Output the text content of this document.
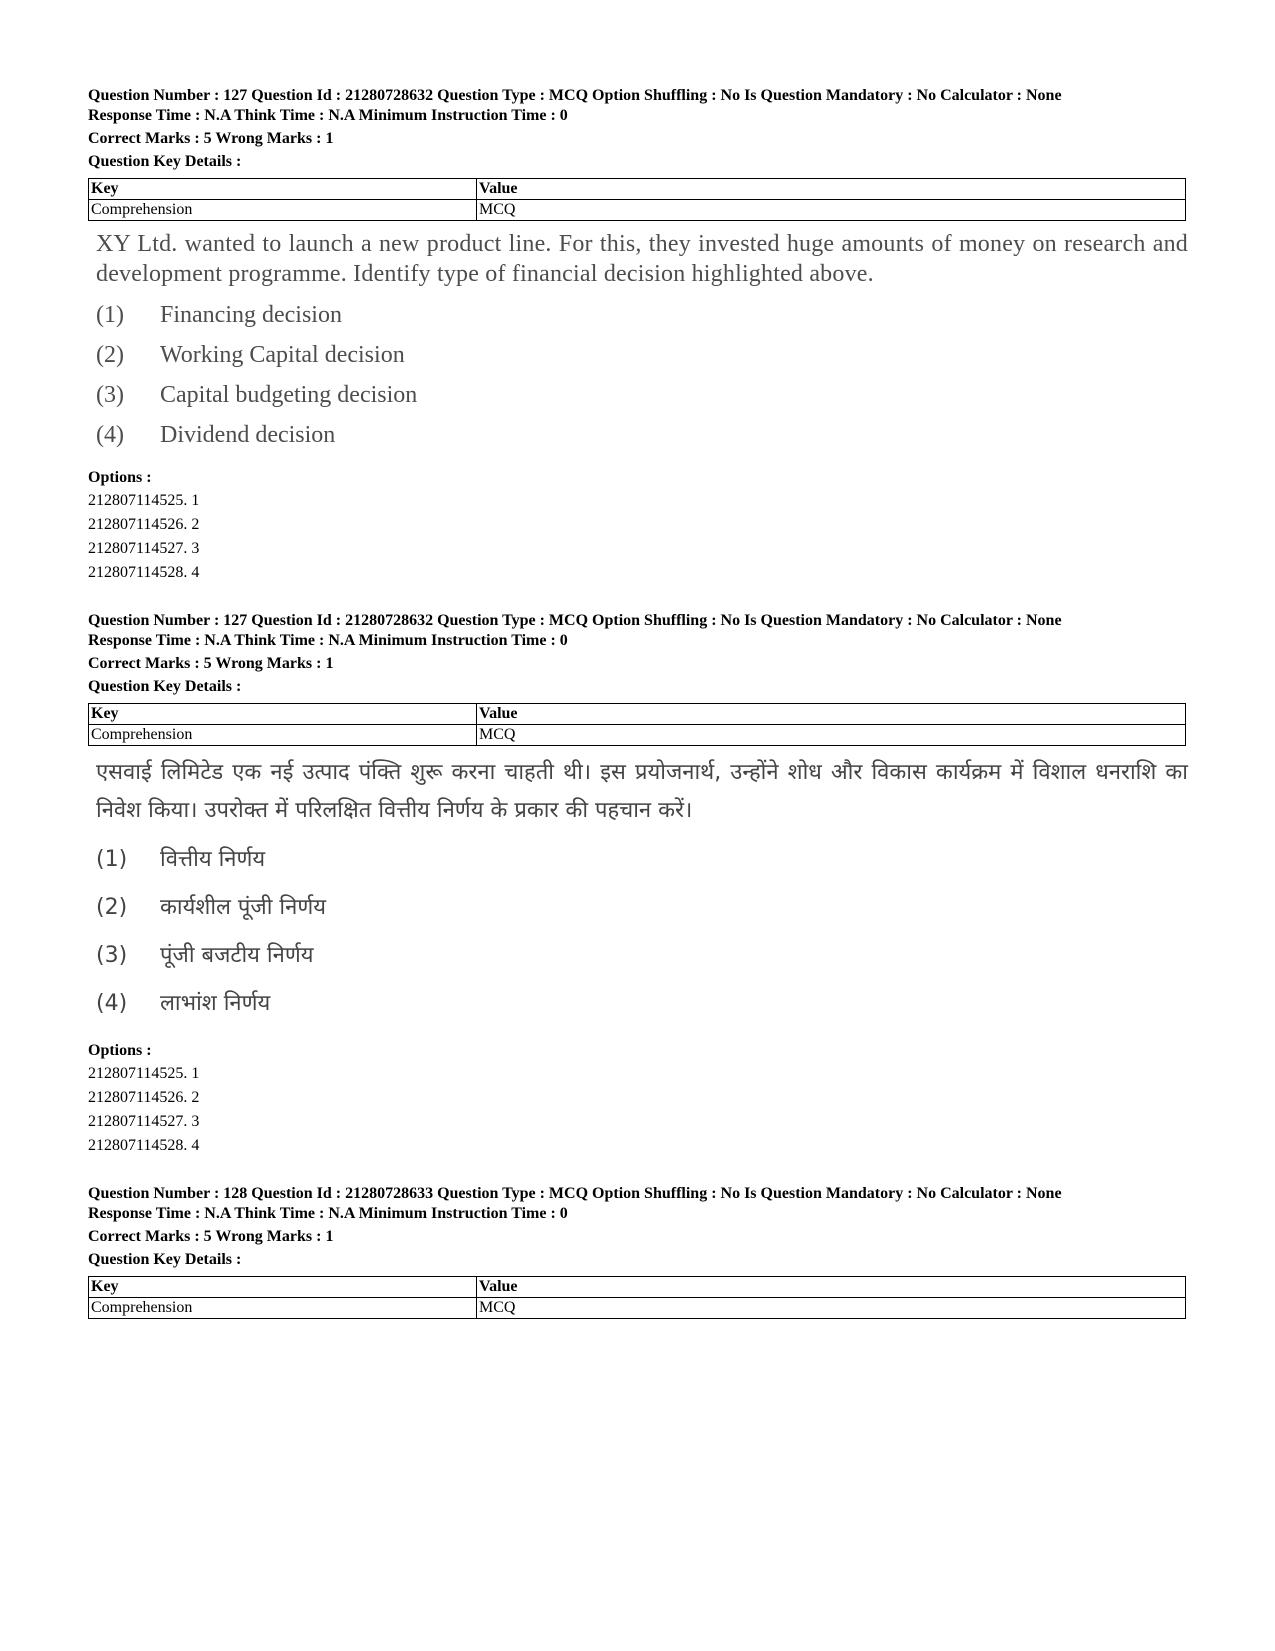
Question Number : 127 Question Id : 21280728632 Question Type : MCQ Option Shuffling : No Is Question Mandatory : No Calculator : None

Response Time : N.A Think Time : N.A Minimum Instruction Time : 0

Correct Marks : 5 Wrong Marks : 1

Question Key Details :

Key	Value
Comprehension	MCQ

XY Ltd. wanted to launch a new product line. For this, they invested huge amounts of money on research and development programme. Identify type of financial decision highlighted above.

(1)	Financing decision
(2)	Working Capital decision
(3)	Capital budgeting decision
(4)	Dividend decision
Options :
212807114525. 1
212807114526. 2
212807114527. 3
212807114528. 4

Question Number : 127 Question Id : 21280728632 Question Type : MCQ Option Shuffling : No Is Question Mandatory : No Calculator : None

Response Time : N.A Think Time : N.A Minimum Instruction Time : 0

Correct Marks : 5 Wrong Marks : 1

Question Key Details :

Key	Value
Comprehension	MCQ

एसवाई लिमिटेड एक नई उत्पाद पंक्ति शुरू करना चाहती थी। इस प्रयोजनार्थ, उन्होंने शोध और विकास कार्यक्रम में विशाल धनराशि का निवेश किया। उपरोक्त में परिलक्षित वित्तीय निर्णय के प्रकार की पहचान करें।

(1)	वित्तीय निर्णय
(2)	कार्यशील पूंजी निर्णय
(3)	पूंजी बजटीय निर्णय
(4)	लाभांश निर्णय
Options :
212807114525. 1
212807114526. 2
212807114527. 3
212807114528. 4

Question Number : 128 Question Id : 21280728633 Question Type : MCQ Option Shuffling : No Is Question Mandatory : No Calculator : None

Response Time : N.A Think Time : N.A Minimum Instruction Time : 0

Correct Marks : 5 Wrong Marks : 1

Question Key Details :

Key	Value
Comprehension	MCQ
